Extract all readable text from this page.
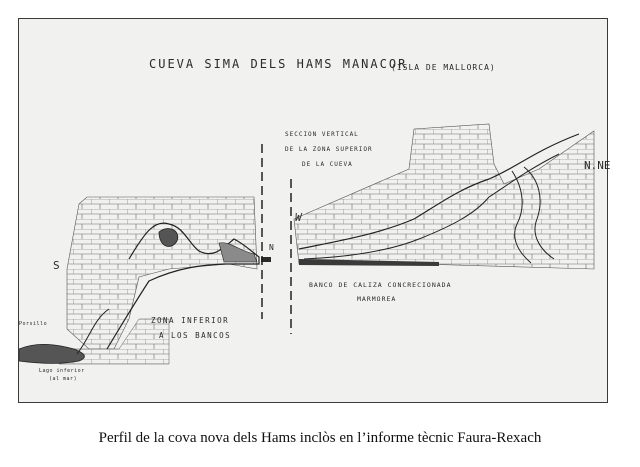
CUEVA SIMA DELS HAMS MANACOR
(ISLA DE MALLORCA)
SECCION VERTICAL
DE LA ZONA SUPERIOR
DE LA CUEVA	N.NE
S
W
N
ZONA INFERIOR
A LOS BANCOS
BANCO DE CALIZA CONCRECIONADA
MARMOREA
Porsillo
Lago inferior
(al mar)
Perfil de la cova nova dels Hams inclòs en l’informe tècnic Faura-Rexach
